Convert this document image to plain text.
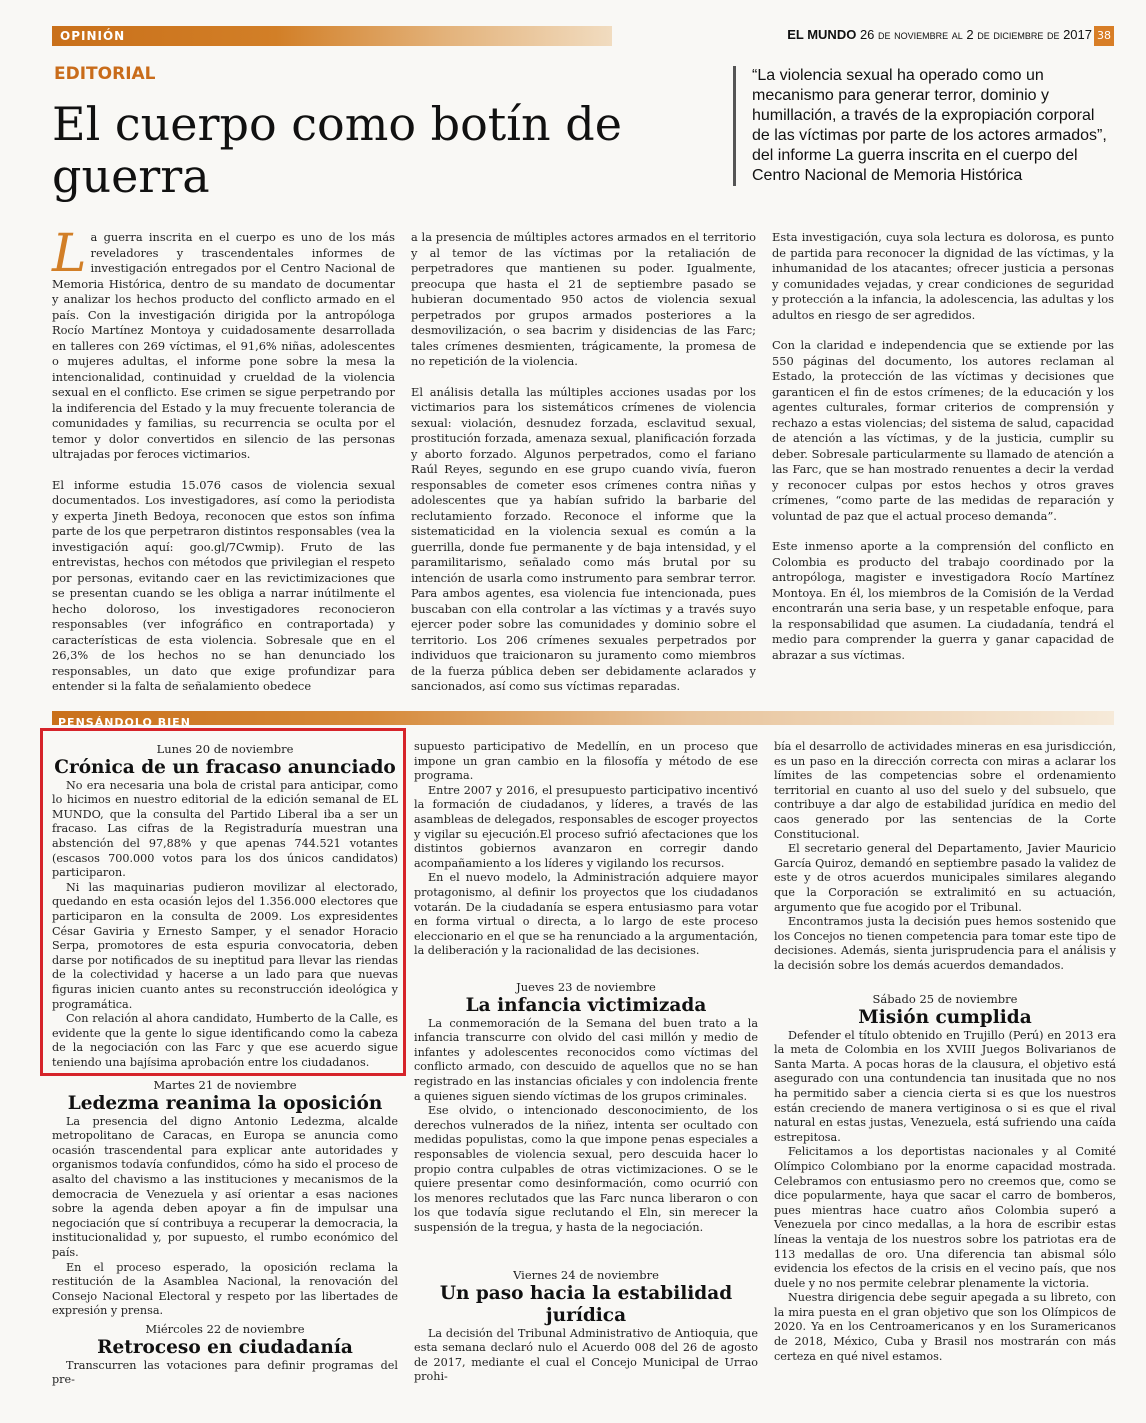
OPINIÓN	EL MUNDO 26 de noviembre al 2 de diciembre de 2017 38
EDITORIAL
El cuerpo como botín de guerra
“La violencia sexual ha operado como un mecanismo para generar terror, dominio y humillación, a través de la expropiación corporal de las víctimas por parte de los actores armados”, del informe La guerra inscrita en el cuerpo del Centro Nacional de Memoria Histórica

La guerra inscrita en el cuerpo es uno de los más reveladores y trascendentales informes de investigación entregados por el Centro Nacional de Memoria Histórica, dentro de su mandato de documentar y analizar los hechos producto del conflicto armado en el país. Con la investigación dirigida por la antropóloga Rocío Martínez Montoya y cuidadosamente desarrollada en talleres con 269 víctimas, el 91,6% niñas, adolescentes o mujeres adultas, el informe pone sobre la mesa la intencionalidad, continuidad y crueldad de la violencia sexual en el conflicto. Ese crimen se sigue perpetrando por la indiferencia del Estado y la muy frecuente tolerancia de comunidades y familias, su recurrencia se oculta por el temor y dolor convertidos en silencio de las personas ultrajadas por feroces victimarios.

El informe estudia 15.076 casos de violencia sexual documentados. Los investigadores, así como la periodista y experta Jineth Bedoya, reconocen que estos son ínfima parte de los que perpetraron distintos responsables (vea la investigación aquí: goo.gl/7Cwmip). Fruto de las entrevistas, hechos con métodos que privilegian el respeto por personas, evitando caer en las revictimizaciones que se presentan cuando se les obliga a narrar inútilmente el hecho doloroso, los investigadores reconocieron responsables (ver infográfico en contraportada) y características de esta violencia. Sobresale que en el 26,3% de los hechos no se han denunciado los responsables, un dato que exige profundizar para entender si la falta de señalamiento obedece

a la presencia de múltiples actores armados en el territorio y al temor de las víctimas por la retaliación de perpetradores que mantienen su poder. Igualmente, preocupa que hasta el 21 de septiembre pasado se hubieran documentado 950 actos de violencia sexual perpetrados por grupos armados posteriores a la desmovilización, o sea bacrim y disidencias de las Farc; tales crímenes desmienten, trágicamente, la promesa de no repetición de la violencia.

El análisis detalla las múltiples acciones usadas por los victimarios para los sistemáticos crímenes de violencia sexual: violación, desnudez forzada, esclavitud sexual, prostitución forzada, amenaza sexual, planificación forzada y aborto forzado. Algunos perpetrados, como el fariano Raúl Reyes, segundo en ese grupo cuando vivía, fueron responsables de cometer esos crímenes contra niñas y adolescentes que ya habían sufrido la barbarie del reclutamiento forzado. Reconoce el informe que la sistematicidad en la violencia sexual es común a la guerrilla, donde fue permanente y de baja intensidad, y el paramilitarismo, señalado como más brutal por su intención de usarla como instrumento para sembrar terror. Para ambos agentes, esa violencia fue intencionada, pues buscaban con ella controlar a las víctimas y a través suyo ejercer poder sobre las comunidades y dominio sobre el territorio. Los 206 crímenes sexuales perpetrados por individuos que traicionaron su juramento como miembros de la fuerza pública deben ser debidamente aclarados y sancionados, así como sus víctimas reparadas.

Esta investigación, cuya sola lectura es dolorosa, es punto de partida para reconocer la dignidad de las víctimas, y la inhumanidad de los atacantes; ofrecer justicia a personas y comunidades vejadas, y crear condiciones de seguridad y protección a la infancia, la adolescencia, las adultas y los adultos en riesgo de ser agredidos.

Con la claridad e independencia que se extiende por las 550 páginas del documento, los autores reclaman al Estado, la protección de las víctimas y decisiones que garanticen el fin de estos crímenes; de la educación y los agentes culturales, formar criterios de comprensión y rechazo a estas violencias; del sistema de salud, capacidad de atención a las víctimas, y de la justicia, cumplir su deber. Sobresale particularmente su llamado de atención a las Farc, que se han mostrado renuentes a decir la verdad y reconocer culpas por estos hechos y otros graves crímenes, “como parte de las medidas de reparación y voluntad de paz que el actual proceso demanda”.

Este inmenso aporte a la comprensión del conflicto en Colombia es producto del trabajo coordinado por la antropóloga, magister e investigadora Rocío Martínez Montoya. En él, los miembros de la Comisión de la Verdad encontrarán una seria base, y un respetable enfoque, para la responsabilidad que asumen. La ciudadanía, tendrá el medio para comprender la guerra y ganar capacidad de abrazar a sus víctimas.

PENSÁNDOLO BIEN

Lunes 20 de noviembre

Crónica de un fracaso anunciado

No era necesaria una bola de cristal para anticipar, como lo hicimos en nuestro editorial de la edición semanal de EL MUNDO, que la consulta del Partido Liberal iba a ser un fracaso. Las cifras de la Registraduría muestran una abstención del 97,88% y que apenas 744.521 votantes (escasos 700.000 votos para los dos únicos candidatos) participaron.

Ni las maquinarias pudieron movilizar al electorado, quedando en esta ocasión lejos del 1.356.000 electores que participaron en la consulta de 2009. Los expresidentes César Gaviria y Ernesto Samper, y el senador Horacio Serpa, promotores de esta espuria convocatoria, deben darse por notificados de su ineptitud para llevar las riendas de la colectividad y hacerse a un lado para que nuevas figuras inicien cuanto antes su reconstrucción ideológica y programática.

Con relación al ahora candidato, Humberto de la Calle, es evidente que la gente lo sigue identificando como la cabeza de la negociación con las Farc y que ese acuerdo sigue teniendo una bajísima aprobación entre los ciudadanos.

Martes 21 de noviembre

Ledezma reanima la oposición

La presencia del digno Antonio Ledezma, alcalde metropolitano de Caracas, en Europa se anuncia como ocasión trascendental para explicar ante autoridades y organismos todavía confundidos, cómo ha sido el proceso de asalto del chavismo a las instituciones y mecanismos de la democracia de Venezuela y así orientar a esas naciones sobre la agenda deben apoyar a fin de impulsar una negociación que sí contribuya a recuperar la democracia, la institucionalidad y, por supuesto, el rumbo económico del país.

En el proceso esperado, la oposición reclama la restitución de la Asamblea Nacional, la renovación del Consejo Nacional Electoral y respeto por las libertades de expresión y prensa.

Miércoles 22 de noviembre

Retroceso en ciudadanía

Transcurren las votaciones para definir programas del pre-

supuesto participativo de Medellín, en un proceso que impone un gran cambio en la filosofía y método de ese programa.

Entre 2007 y 2016, el presupuesto participativo incentivó la formación de ciudadanos, y líderes, a través de las asambleas de delegados, responsables de escoger proyectos y vigilar su ejecución.El proceso sufrió afectaciones que los distintos gobiernos avanzaron en corregir dando acompañamiento a los líderes y vigilando los recursos.

En el nuevo modelo, la Administración adquiere mayor protagonismo, al definir los proyectos que los ciudadanos votarán. De la ciudadanía se espera entusiasmo para votar en forma virtual o directa, a lo largo de este proceso eleccionario en el que se ha renunciado a la argumentación, la deliberación y la racionalidad de las decisiones.

Jueves 23 de noviembre

La infancia victimizada

La conmemoración de la Semana del buen trato a la infancia transcurre con olvido del casi millón y medio de infantes y adolescentes reconocidos como víctimas del conflicto armado, con descuido de aquellos que no se han registrado en las instancias oficiales y con indolencia frente a quienes siguen siendo víctimas de los grupos criminales.

Ese olvido, o intencionado desconocimiento, de los derechos vulnerados de la niñez, intenta ser ocultado con medidas populistas, como la que impone penas especiales a responsables de violencia sexual, pero descuida hacer lo propio contra culpables de otras victimizaciones. O se le quiere presentar como desinformación, como ocurrió con los menores reclutados que las Farc nunca liberaron o con los que todavía sigue reclutando el Eln, sin merecer la suspensión de la tregua, y hasta de la negociación.

Viernes 24 de noviembre

Un paso hacia la estabilidad jurídica

La decisión del Tribunal Administrativo de Antioquia, que esta semana declaró nulo el Acuerdo 008 del 26 de agosto de 2017, mediante el cual el Concejo Municipal de Urrao prohi-

bía el desarrollo de actividades mineras en esa jurisdicción, es un paso en la dirección correcta con miras a aclarar los límites de las competencias sobre el ordenamiento territorial en cuanto al uso del suelo y del subsuelo, que contribuye a dar algo de estabilidad jurídica en medio del caos generado por las sentencias de la Corte Constitucional.

El secretario general del Departamento, Javier Mauricio García Quiroz, demandó en septiembre pasado la validez de este y de otros acuerdos municipales similares alegando que la Corporación se extralimitó en su actuación, argumento que fue acogido por el Tribunal.

Encontramos justa la decisión pues hemos sostenido que los Concejos no tienen competencia para tomar este tipo de decisiones. Además, sienta jurisprudencia para el análisis y la decisión sobre los demás acuerdos demandados.

Sábado 25 de noviembre

Misión cumplida

Defender el título obtenido en Trujillo (Perú) en 2013 era la meta de Colombia en los XVIII Juegos Bolivarianos de Santa Marta. A pocas horas de la clausura, el objetivo está asegurado con una contundencia tan inusitada que no nos ha permitido saber a ciencia cierta si es que los nuestros están creciendo de manera vertiginosa o si es que el rival natural en estas justas, Venezuela, está sufriendo una caída estrepitosa.

Felicitamos a los deportistas nacionales y al Comité Olímpico Colombiano por la enorme capacidad mostrada. Celebramos con entusiasmo pero no creemos que, como se dice popularmente, haya que sacar el carro de bomberos, pues mientras hace cuatro años Colombia superó a Venezuela por cinco medallas, a la hora de escribir estas líneas la ventaja de los nuestros sobre los patriotas era de 113 medallas de oro. Una diferencia tan abismal sólo evidencia los efectos de la crisis en el vecino país, que nos duele y no nos permite celebrar plenamente la victoria.

Nuestra dirigencia debe seguir apegada a su libreto, con la mira puesta en el gran objetivo que son los Olímpicos de 2020. Ya en los Centroamericanos y en los Suramericanos de 2018, México, Cuba y Brasil nos mostrarán con más certeza en qué nivel estamos.
